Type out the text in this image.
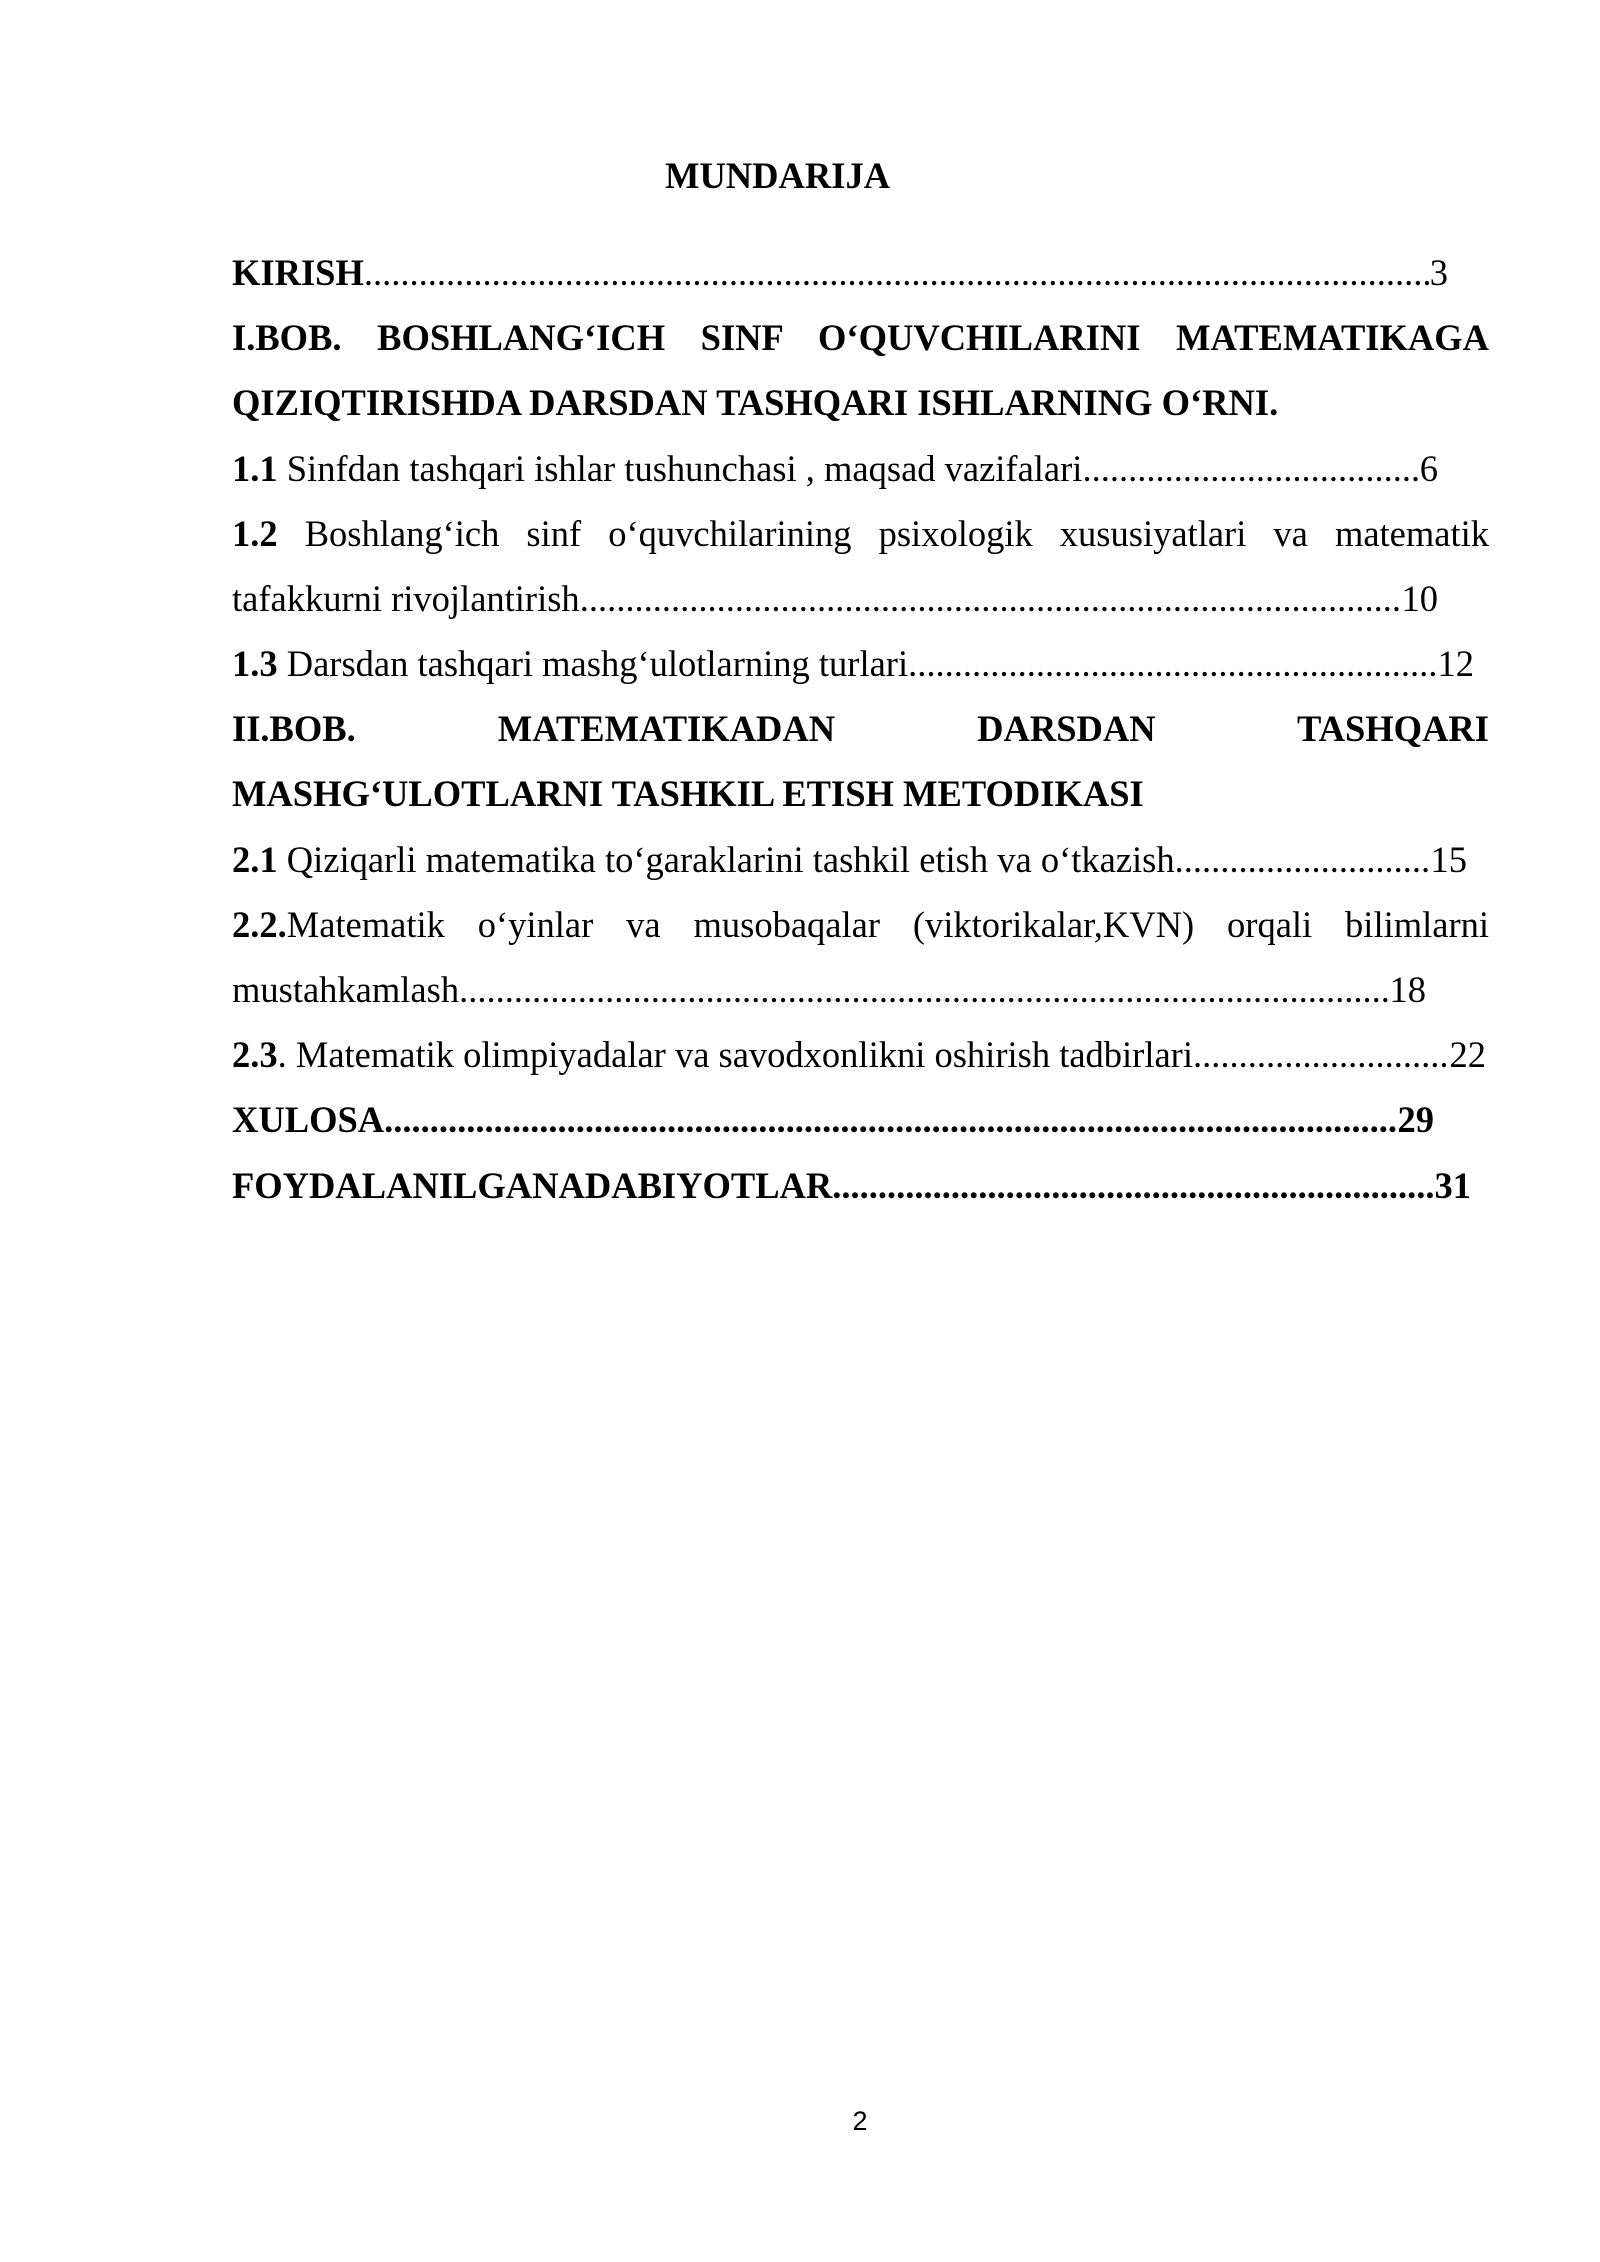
MUNDARIJA
KIRISH .....	3
I.BOB. BOSHLANG‘ICH SINF O‘QUVCHILARINI MATEMATIKAGA
QIZIQTIRISHDA DARSDAN TASHQARI ISHLARNING O‘RNI.
1.1 Sinfdan tashqari ishlar tushunchasi , maqsad vazifalari .....	6
1.2 Boshlang‘ich sinf o‘quvchilarining psixologik xususiyatlari va matematik
tafakkurni rivojlantirish .....	10
1.3 Darsdan tashqari mashg‘ulotlarning turlari .....	12
II.BOB. MATEMATIKADAN DARSDAN TASHQARI
MASHG‘ULOTLARNI TASHKIL ETISH METODIKASI
2.1 Qiziqarli matematika to‘garaklarini tashkil etish va o‘tkazish .....	15
2.2.Matematik o‘yinlar va musobaqalar (viktorikalar,KVN) orqali bilimlarni
mustahkamlash .....	18
2.3. Matematik olimpiyadalar va savodxonlikni oshirish tadbirlari .....	22
XULOSA .....	29
FOYDALANILGANADABIYOTLAR .....	31
2
